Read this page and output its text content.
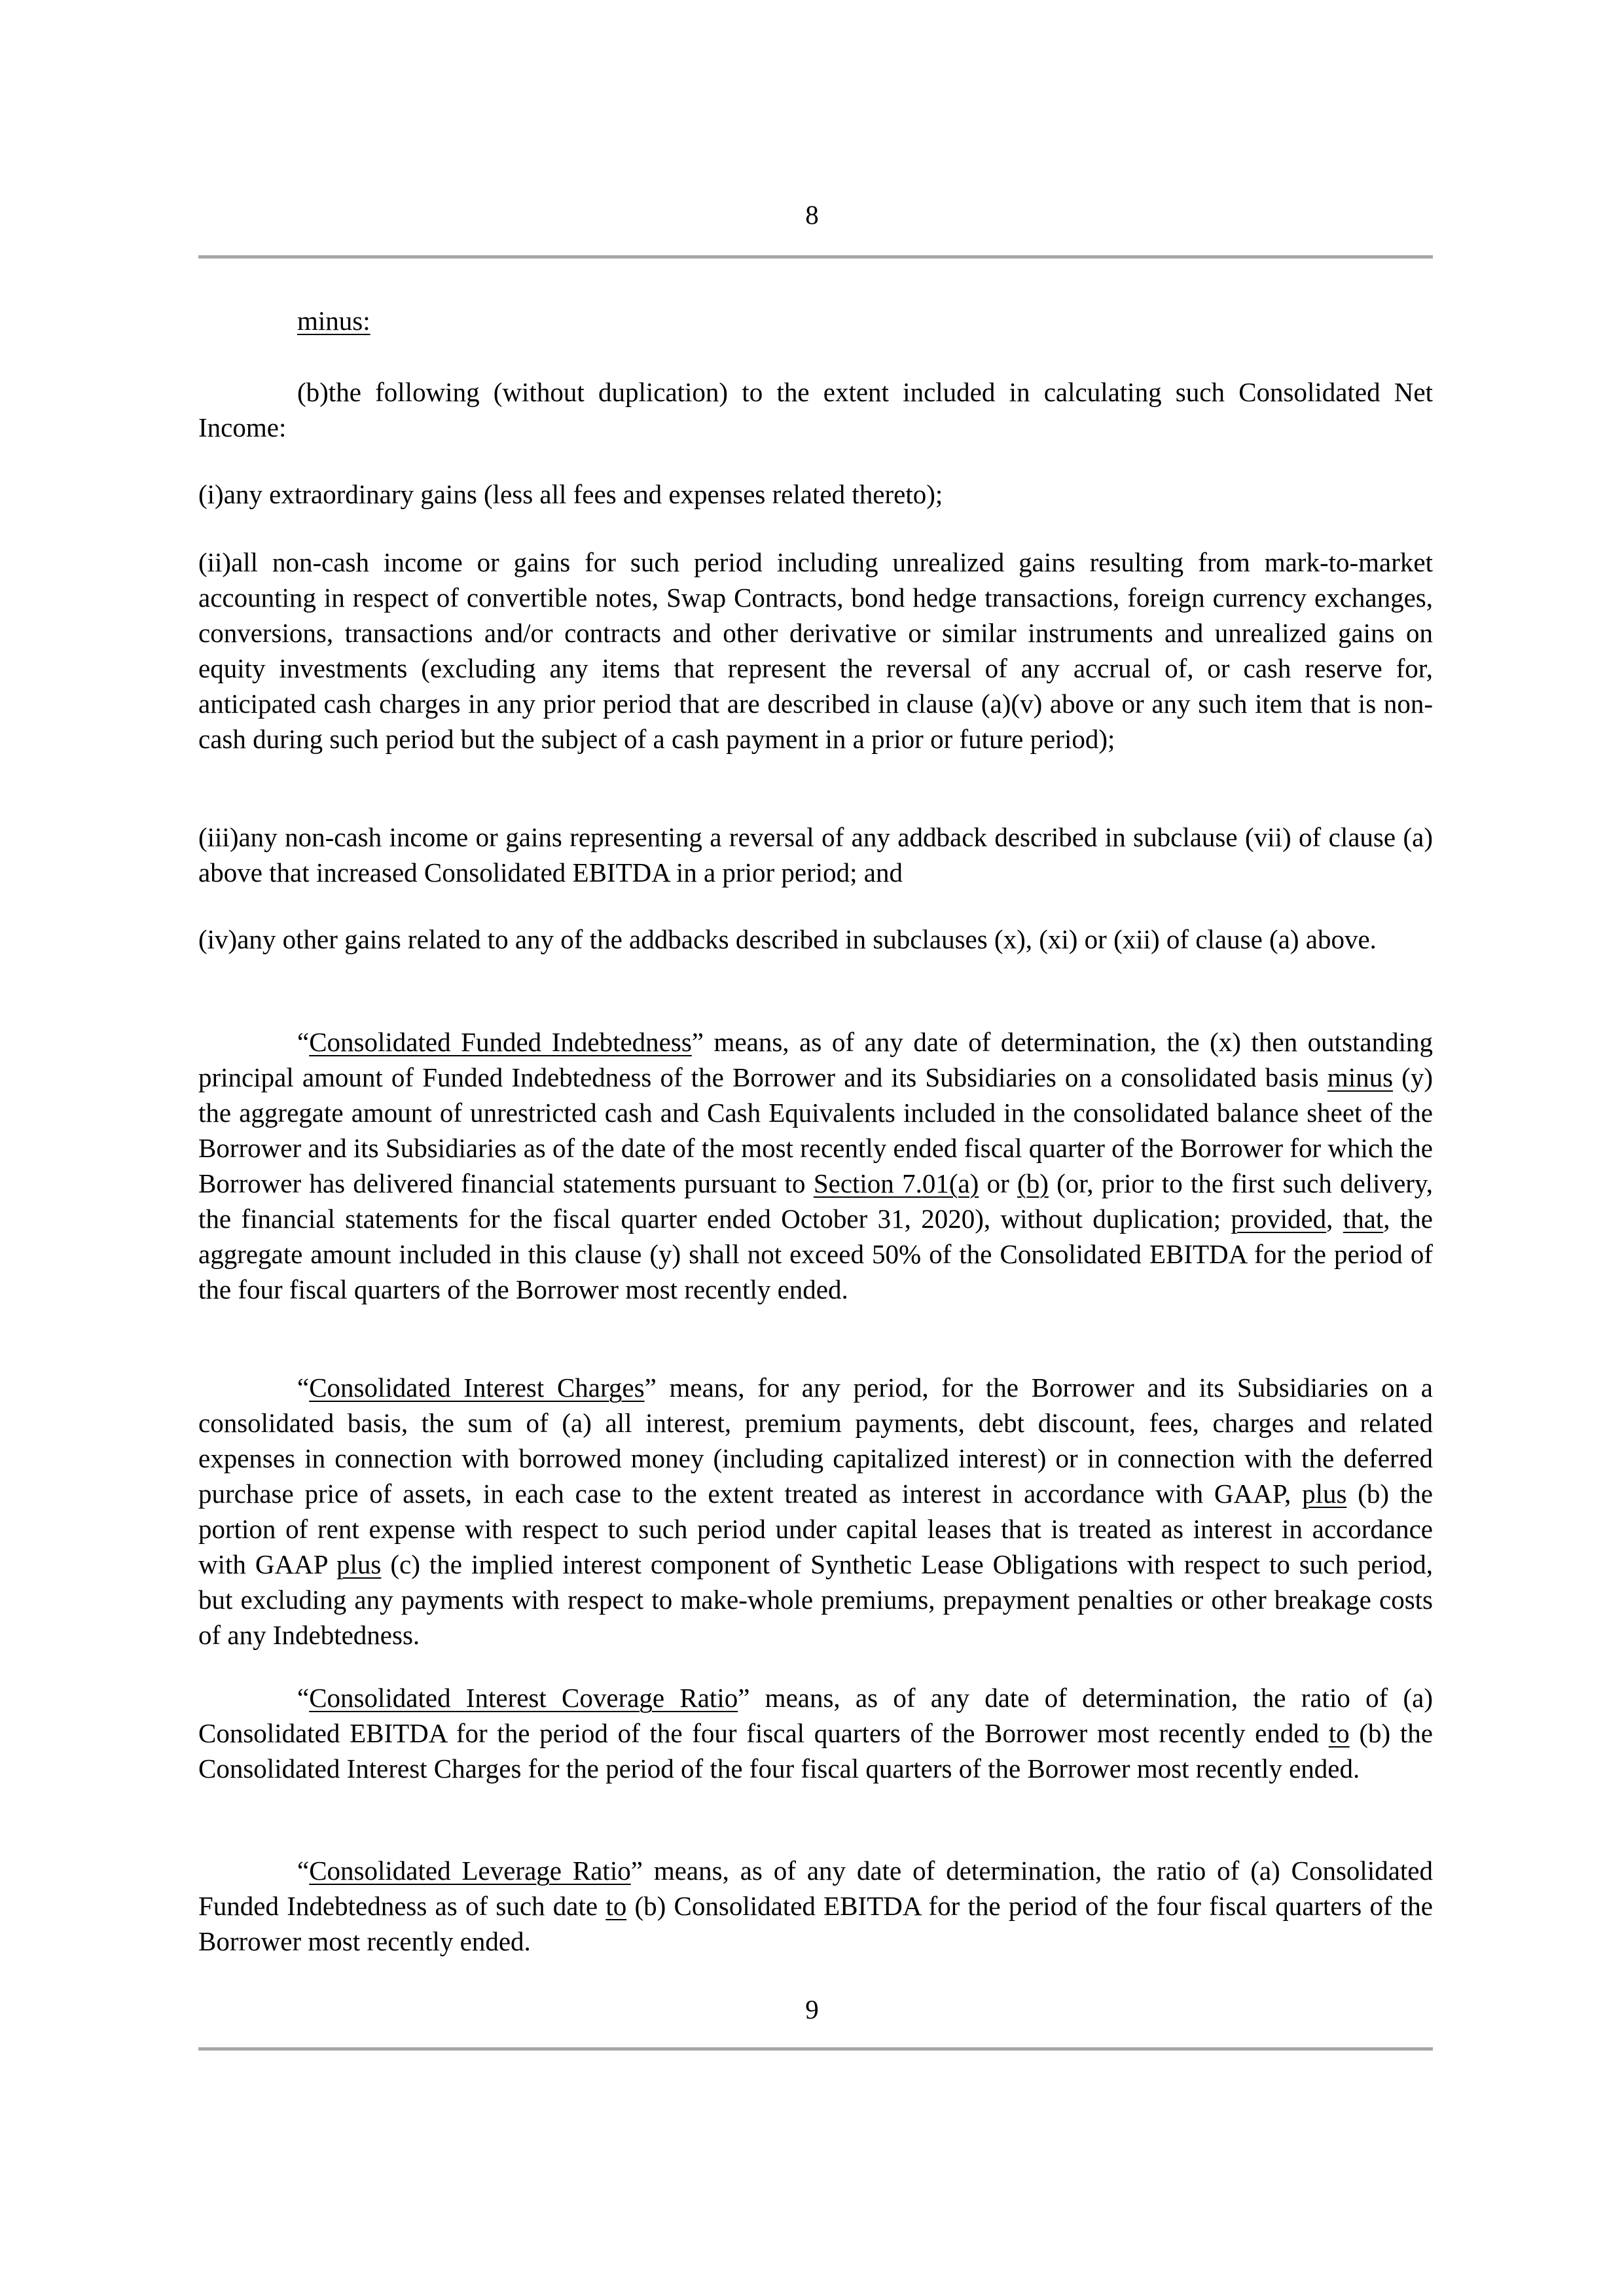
8

minus:

(b)the following (without duplication) to the extent included in calculating such Consolidated Net Income:

(i)any extraordinary gains (less all fees and expenses related thereto);

(ii)all non-cash income or gains for such period including unrealized gains resulting from mark-to-market accounting in respect of convertible notes, Swap Contracts, bond hedge transactions, foreign currency exchanges, conversions, transactions and/or contracts and other derivative or similar instruments and unrealized gains on equity investments (excluding any items that represent the reversal of any accrual of, or cash reserve for, anticipated cash charges in any prior period that are described in clause (a)(v) above or any such item that is non-cash during such period but the subject of a cash payment in a prior or future period);

(iii)any non-cash income or gains representing a reversal of any addback described in subclause (vii) of clause (a) above that increased Consolidated EBITDA in a prior period; and

(iv)any other gains related to any of the addbacks described in subclauses (x), (xi) or (xii) of clause (a) above.

“Consolidated Funded Indebtedness” means, as of any date of determination, the (x) then outstanding principal amount of Funded Indebtedness of the Borrower and its Subsidiaries on a consolidated basis minus (y) the aggregate amount of unrestricted cash and Cash Equivalents included in the consolidated balance sheet of the Borrower and its Subsidiaries as of the date of the most recently ended fiscal quarter of the Borrower for which the Borrower has delivered financial statements pursuant to Section 7.01(a) or (b) (or, prior to the first such delivery, the financial statements for the fiscal quarter ended October 31, 2020), without duplication; provided, that, the aggregate amount included in this clause (y) shall not exceed 50% of the Consolidated EBITDA for the period of the four fiscal quarters of the Borrower most recently ended.

“Consolidated Interest Charges” means, for any period, for the Borrower and its Subsidiaries on a consolidated basis, the sum of (a) all interest, premium payments, debt discount, fees, charges and related expenses in connection with borrowed money (including capitalized interest) or in connection with the deferred purchase price of assets, in each case to the extent treated as interest in accordance with GAAP, plus (b) the portion of rent expense with respect to such period under capital leases that is treated as interest in accordance with GAAP plus (c) the implied interest component of Synthetic Lease Obligations with respect to such period, but excluding any payments with respect to make-whole premiums, prepayment penalties or other breakage costs of any Indebtedness.

“Consolidated Interest Coverage Ratio” means, as of any date of determination, the ratio of (a) Consolidated EBITDA for the period of the four fiscal quarters of the Borrower most recently ended to (b) the Consolidated Interest Charges for the period of the four fiscal quarters of the Borrower most recently ended.

“Consolidated Leverage Ratio” means, as of any date of determination, the ratio of (a) Consolidated Funded Indebtedness as of such date to (b) Consolidated EBITDA for the period of the four fiscal quarters of the Borrower most recently ended.

9
